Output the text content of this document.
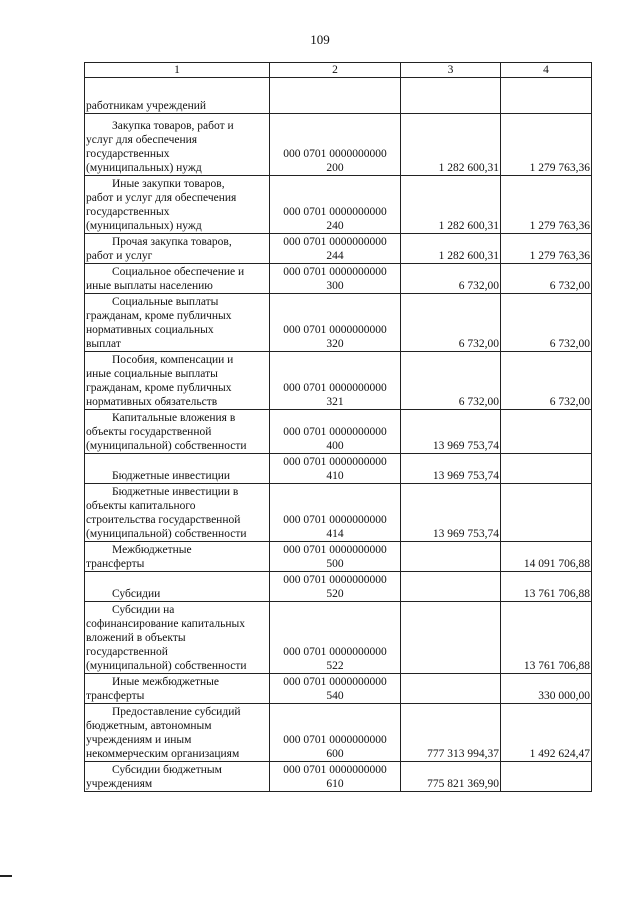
109
1	2	3	4

работникам учреждений			

Закупка товаров, работ и
услуг для обеспечения
государственных
(муниципальных) нужд	000 0701 0000000000
200	1 282 600,31	1 279 763,36

Иные закупки товаров,
работ и услуг для обеспечения
государственных
(муниципальных) нужд	000 0701 0000000000
240	1 282 600,31	1 279 763,36

Прочая закупка товаров,
работ и услуг	000 0701 0000000000
244	1 282 600,31	1 279 763,36

Социальное обеспечение и
иные выплаты населению	000 0701 0000000000
300	6 732,00	6 732,00

Социальные выплаты
гражданам, кроме публичных
нормативных социальных
выплат	000 0701 0000000000
320	6 732,00	6 732,00

Пособия, компенсации и
иные социальные выплаты
гражданам, кроме публичных
нормативных обязательств	000 0701 0000000000
321	6 732,00	6 732,00

Капитальные вложения в
объекты государственной
(муниципальной) собственности	000 0701 0000000000
400	13 969 753,74	

Бюджетные инвестиции	000 0701 0000000000
410	13 969 753,74	

Бюджетные инвестиции в
объекты капитального
строительства государственной
(муниципальной) собственности	000 0701 0000000000
414	13 969 753,74	

Межбюджетные
трансферты	000 0701 0000000000
500		14 091 706,88

Субсидии	000 0701 0000000000
520		13 761 706,88

Субсидии на
софинансирование капитальных
вложений в объекты
государственной
(муниципальной) собственности	000 0701 0000000000
522		13 761 706,88

Иные межбюджетные
трансферты	000 0701 0000000000
540		330 000,00

Предоставление субсидий
бюджетным, автономным
учреждениям и иным
некоммерческим организациям	000 0701 0000000000
600	777 313 994,37	1 492 624,47

Субсидии бюджетным
учреждениям	000 0701 0000000000
610	775 821 369,90	
